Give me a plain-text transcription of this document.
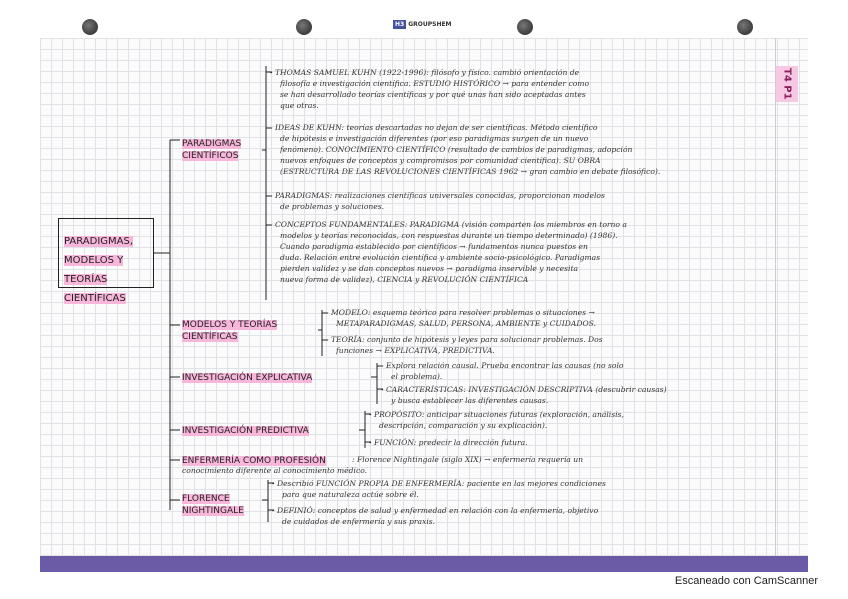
H3 GROUPSHEM
T4 P1
PARADIGMAS, MODELOS Y TEORÍAS CIENTÍFICAS
PARADIGMAS CIENTÍFICOS
MODELOS Y TEORÍAS CIENTÍFICAS
INVESTIGACIÓN EXPLICATIVA
INVESTIGACIÓN PREDICTIVA
ENFERMERÍA COMO PROFESIÓN
FLORENCE NIGHTINGALE
- THOMAS SAMUEL KUHN (1922-1996): filósofo y físico. cambió orientación de
filosofía e investigación científica. ESTUDIO HISTÓRICO → para entender como
se han desarrollado teorías científicas y por qué unas han sido aceptadas antes
que otras.
- IDEAS DE KUHN: teorías descartadas no dejan de ser científicas. Método científico
de hipótesis e investigación diferentes (por eso paradigmas surgen de un nuevo
fenómeno). CONOCIMIENTO CIENTÍFICO (resultado de cambios de paradigmas, adopción
nuevos enfoques de conceptos y compromisos por comunidad científica). SU OBRA
(ESTRUCTURA DE LAS REVOLUCIONES CIENTÍFICAS 1962 → gran cambio en debate filosófico).
- PARADIGMAS: realizaciones científicas universales conocidas, proporcionan modelos
de problemas y soluciones.
- CONCEPTOS FUNDAMENTALES: PARADIGMA (visión comparten los miembros en torno a
modelos y teorías reconocidas, con respuestas durante un tiempo determinado) (1986).
Cuando paradigma establecido por científicos → fundamentos nunca puestos en
duda. Relación entre evolución científica y ambiente socio-psicológico. Paradigmas
pierden validez y se dan conceptos nuevos → paradigma inservible y necesita
nueva forma de validez), CIENCIA y REVOLUCIÓN CIENTÍFICA
- MODELO: esquema teórico para resolver problemas o situaciones →
METAPARADIGMAS, SALUD, PERSONA, AMBIENTE y CUIDADOS.
- TEORÍA: conjunto de hipótesis y leyes para solucionar problemas. Dos
funciones → EXPLICATIVA, PREDICTIVA.
- Explora relación causal. Prueba encontrar las causas (no solo
el problema).
- CARACTERÍSTICAS: INVESTIGACIÓN DESCRIPTIVA (descubrir causas)
y busca establecer las diferentes causas.
- PROPÓSITO: anticipar situaciones futuras (exploración, análisis,
descripción, comparación y su explicación).
- FUNCIÓN: predecir la dirección futura.
: Florence Nightingale (siglo XIX) → enfermería requería un
conocimiento diferente al conocimiento médico.
- Describió FUNCIÓN PROPIA DE ENFERMERÍA: paciente en las mejores condiciones
para que naturaleza actúe sobre él.
- DEFINIÓ: conceptos de salud y enfermedad en relación con la enfermería, objetivo
de cuidados de enfermería y sus praxis.
Escaneado con CamScanner
